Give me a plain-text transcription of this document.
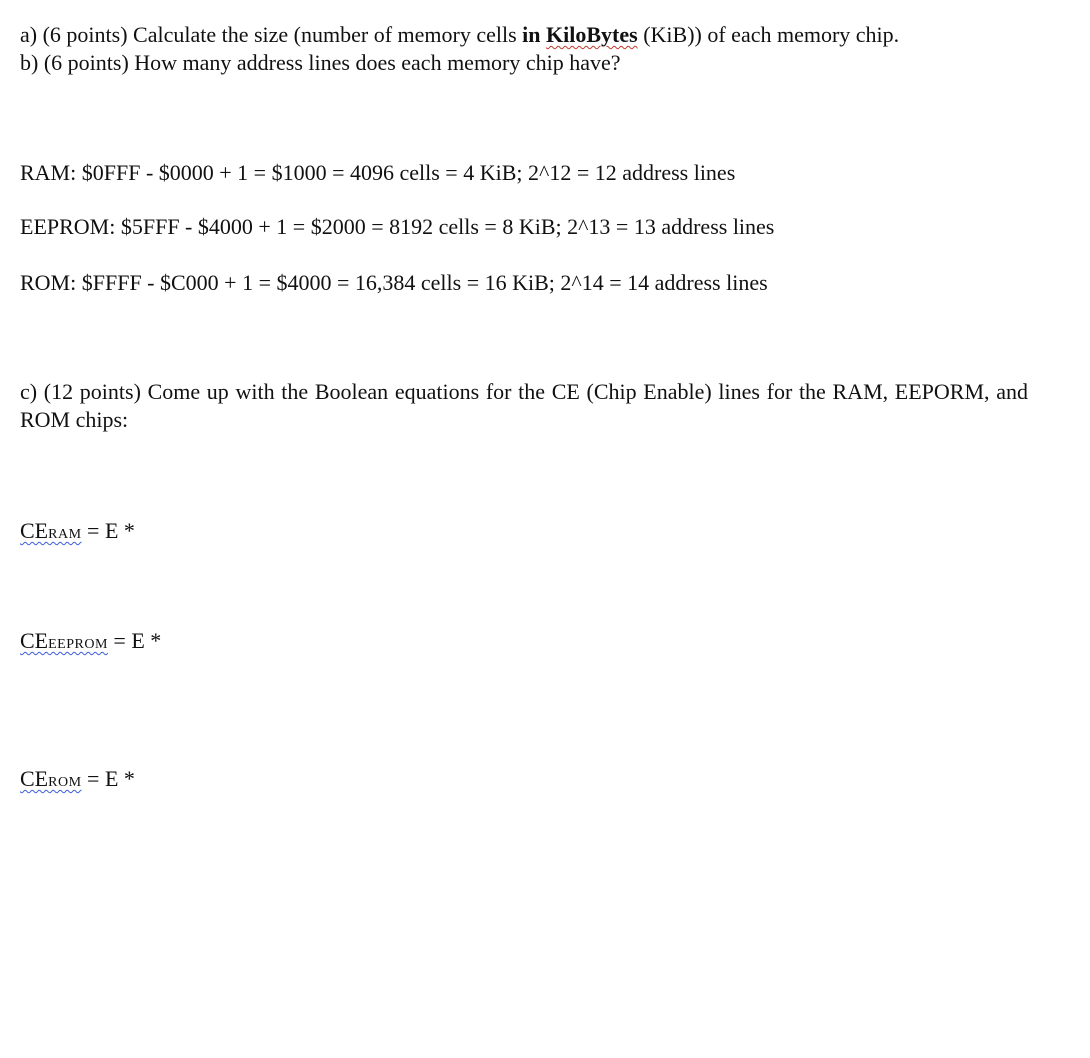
a) (6 points) Calculate the size (number of memory cells in KiloBytes (KiB)) of each memory chip.
b) (6 points) How many address lines does each memory chip have?
RAM: $0FFF - $0000 + 1 = $1000 = 4096 cells = 4 KiB; 2^12 = 12 address lines
EEPROM: $5FFF - $4000 + 1 = $2000 = 8192 cells = 8 KiB; 2^13 = 13 address lines
ROM: $FFFF - $C000 + 1 = $4000 = 16,384 cells = 16 KiB; 2^14 = 14 address lines
c) (12 points) Come up with the Boolean equations for the CE (Chip Enable) lines for the RAM, EEPORM, and ROM chips:
CERAM = E *
CEEEPROM = E *
CEROM = E *
